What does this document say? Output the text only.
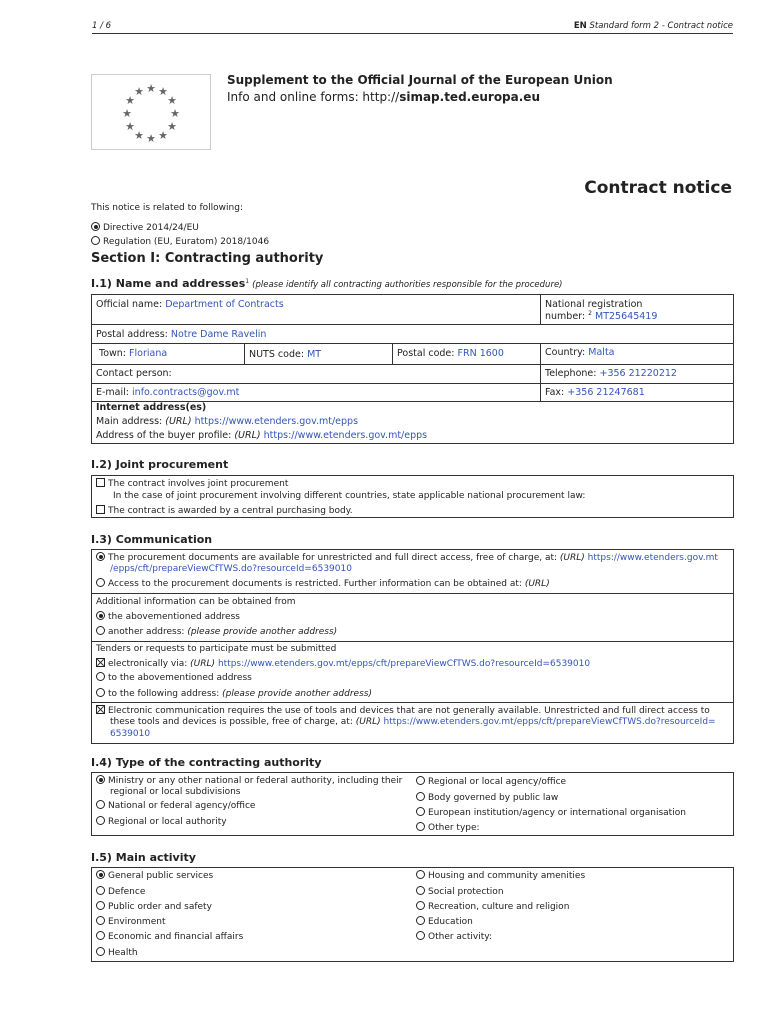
1 / 6	EN Standard form 2 - Contract notice
★ ★
★
★
★
★
★
★
★
★
★
★
Supplement to the Official Journal of the European Union
Info and online forms: http://simap.ted.europa.eu
Contract notice
This notice is related to following:
Directive 2014/24/EU
Regulation (EU, Euratom) 2018/1046
Section I: Contracting authority
I.1) Name and addresses$^1$ (please identify all contracting authorities responsible for the procedure)
Official name: Department of Contracts	National registration
number: $^2$ MT25645419
Postal address: Notre Dame Ravelin
Town: Floriana	NUTS code: MT	Postal code: FRN 1600	Country: Malta
Contact person:	Telephone: +356 21220212
E-mail: info.contracts@gov.mt	Fax: +356 21247681
Internet address(es)
Main address: (URL) https://www.etenders.gov.mt/epps
Address of the buyer profile: (URL) https://www.etenders.gov.mt/epps
I.2) Joint procurement
The contract involves joint procurement
In the case of joint procurement involving different countries, state applicable national procurement law:
The contract is awarded by a central purchasing body.
I.3) Communication
The procurement documents are available for unrestricted and full direct access, free of charge, at: (URL) https://www.etenders.gov.mt
/epps/cft/prepareViewCfTWS.do?resourceId=6539010
Access to the procurement documents is restricted. Further information can be obtained at: (URL)
Additional information can be obtained from
the abovementioned address
another address: (please provide another address)
Tenders or requests to participate must be submitted
electronically via: (URL) https://www.etenders.gov.mt/epps/cft/prepareViewCfTWS.do?resourceId=6539010
to the abovementioned address
to the following address: (please provide another address)
Electronic communication requires the use of tools and devices that are not generally available. Unrestricted and full direct access to
these tools and devices is possible, free of charge, at: (URL) https://www.etenders.gov.mt/epps/cft/prepareViewCfTWS.do?resourceId=
6539010
I.4) Type of the contracting authority
Ministry or any other national or federal authority, including their
regional or local subdivisions
National or federal agency/office
Regional or local authority
Regional or local agency/office
Body governed by public law
European institution/agency or international organisation
Other type:
I.5) Main activity
General public services
Defence
Public order and safety
Environment
Economic and financial affairs
Health
Housing and community amenities
Social protection
Recreation, culture and religion
Education
Other activity:
